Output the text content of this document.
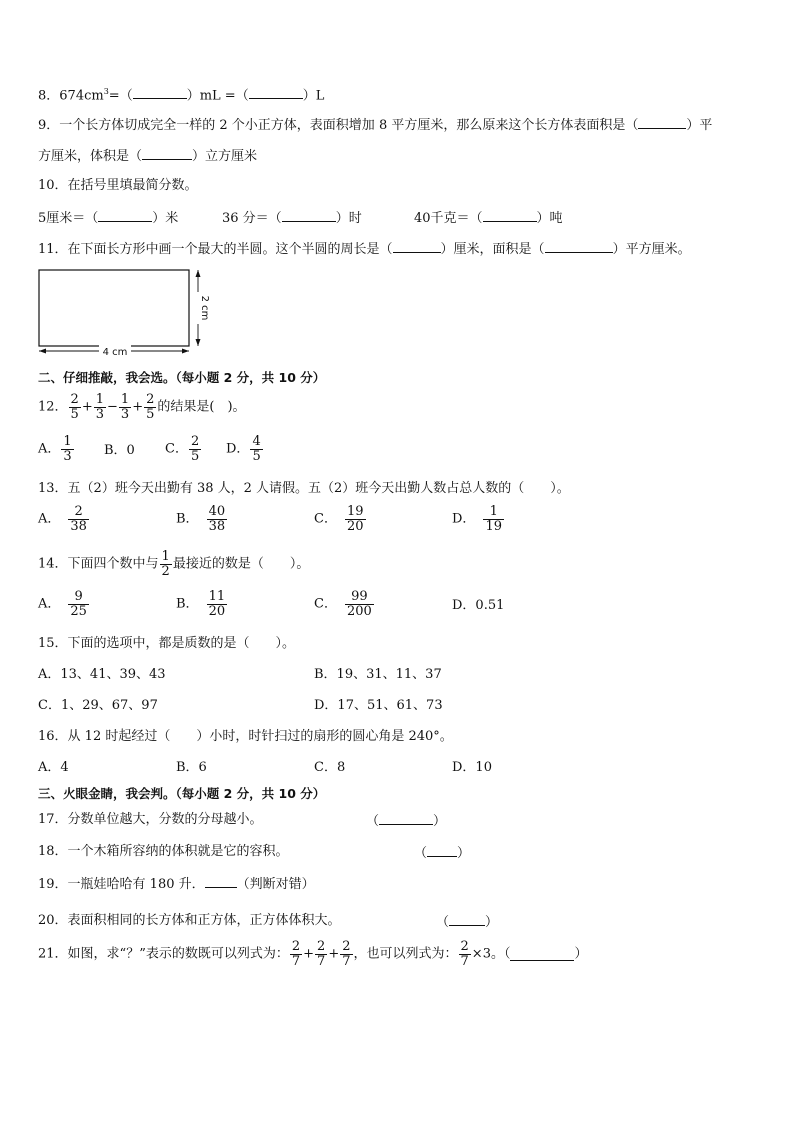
8．$674cm^3=$（	）mL =（	）L
9．一个长方体切成完全一样的 2 个小正方体，表面积增加 8 平方厘米，那么原来这个长方体表面积是（	）平
方厘米，体积是（	）立方厘米
10．在括号里填最简分数。
5厘米＝（	）米	36 分＝（	）时	40千克＝（	）吨
11．在下面长方形中画一个最大的半圆。这个半圆的周长是（	）厘米，面积是（	）平方厘米。
4 cm
2 cm
二、仔细推敲，我会选。（每小题 2 分，共 10 分）
12． $\frac{2}{5} + \frac{1}{3} - \frac{1}{3} + \frac{2}{5}$ 的结果是(　)。
A． $\frac{1}{3}$ B．0 C． $\frac{2}{5}$ D． $\frac{4}{5}$
13．五（2）班今天出勤有 38 人，2 人请假。五（2）班今天出勤人数占总人数的（　　）。
A． $\frac{2}{38}$	B． $\frac{40}{38}$	C． $\frac{19}{20}$	D． $\frac{1}{19}$
14．下面四个数中与 $\frac{1}{2}$ 最接近的数是（　　）。
A． $\frac{9}{25}$	B． $\frac{11}{20}$	C． $\frac{99}{200}$	D．0.51
15．下面的选项中，都是质数的是（　　）。
A．13、41、39、43	B．19、31、11、37
C．1、29、67、97	D．17、51、61、73
16．从 12 时起经过（　　）小时，时针扫过的扇形的圆心角是 240°。
A．4	B．6	C．8	D．10
三、火眼金睛，我会判。（每小题 2 分，共 10 分）
17．分数单位越大，分数的分母越小。	（	）
18．一个木箱所容纳的体积就是它的容积。	（ ）
19．一瓶娃哈哈有 180 升． （判断对错）
20．表面积相同的长方体和正方体，正方体体积大。	（	）
21．如图，求“？”表示的数既可以列式为： $\frac{2}{7} + \frac{2}{7} + \frac{2}{7}$ ，也可以列式为： $\frac{2}{7} \times 3$。（	）
